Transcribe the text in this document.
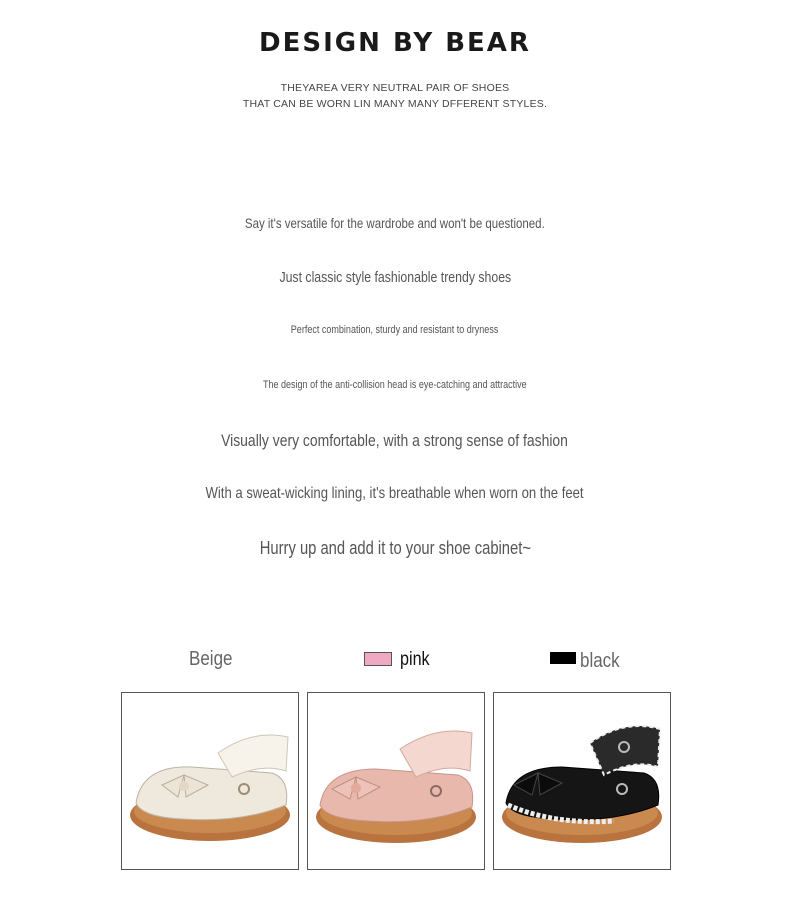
DESIGN BY BEAR
THEYAREA VERY NEUTRAL PAIR OF SHOES
THAT CAN BE WORN LIN MANY MANY DFFERENT STYLES.
Say it's versatile for the wardrobe and won't be questioned.
Just classic style fashionable trendy shoes
Perfect combination, sturdy and resistant to dryness
The design of the anti-collision head is eye-catching and attractive
Visually very comfortable, with a strong sense of fashion
With a sweat-wicking lining, it's breathable when worn on the feet
Hurry up and add it to your shoe cabinet~
Beige	pink	black
